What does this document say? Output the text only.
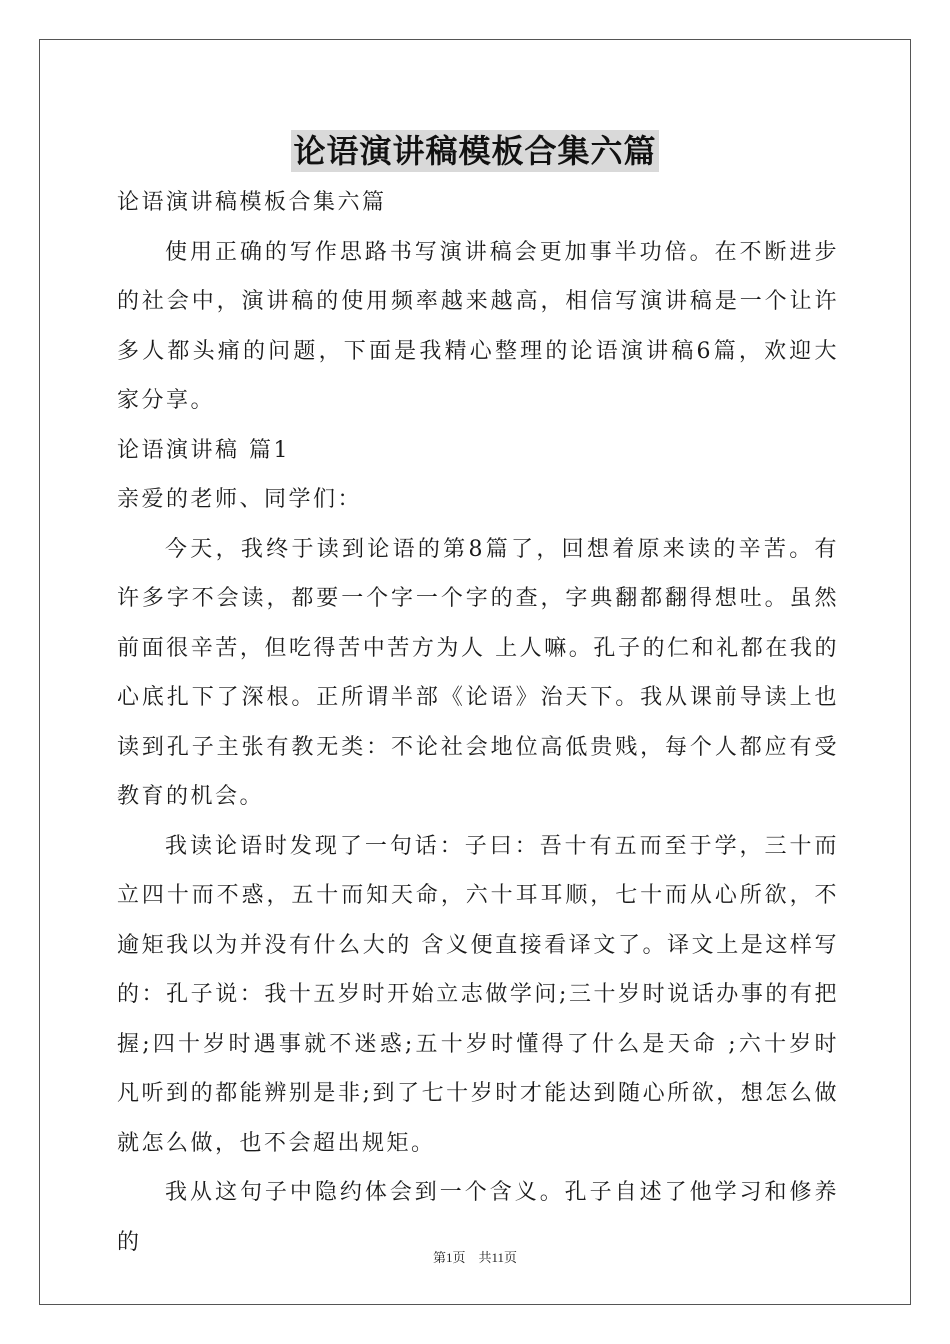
论语演讲稿模板合集六篇

论语演讲稿模板合集六篇

使用正确的写作思路书写演讲稿会更加事半功倍。在不断进步的社会中，演讲稿的使用频率越来越高，相信写演讲稿是一个让许多人都头痛的问题，下面是我精心整理的论语演讲稿6篇，欢迎大家分享。

论语演讲稿 篇1

亲爱的老师、同学们：

今天，我终于读到论语的第8篇了，回想着原来读的辛苦。有许多字不会读，都要一个字一个字的查，字典翻都翻得想吐。虽然前面很辛苦，但吃得苦中苦方为人 上人嘛。孔子的仁和礼都在我的心底扎下了深根。正所谓半部《论语》治天下。我从课前导读上也读到孔子主张有教无类：不论社会地位高低贵贱，每个人都应有受 教育的机会。

我读论语时发现了一句话：子曰：吾十有五而至于学，三十而立四十而不惑，五十而知天命，六十耳耳顺，七十而从心所欲，不逾矩我以为并没有什么大的 含义便直接看译文了。译文上是这样写的：孔子说：我十五岁时开始立志做学问;三十岁时说话办事的有把握;四十岁时遇事就不迷惑;五十岁时懂得了什么是天命 ;六十岁时凡听到的都能辨别是非;到了七十岁时才能达到随心所欲，想怎么做就怎么做，也不会超出规矩。

我从这句子中隐约体会到一个含义。孔子自述了他学习和修养的

第1页　共11页
